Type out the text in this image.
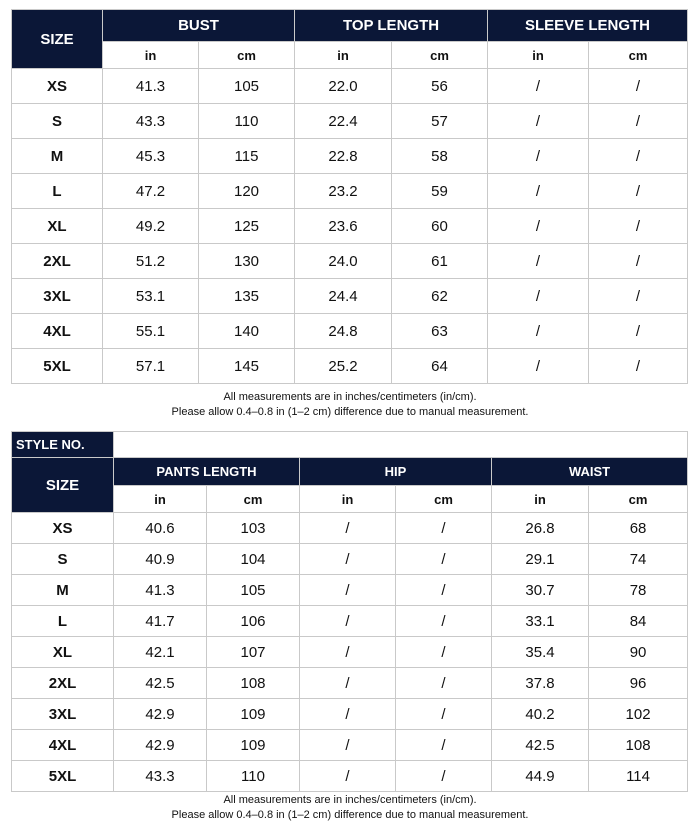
SIZE	BUST		TOP LENGTH		SLEEVE LENGTH	
	in	cm	in	cm	in	cm
XS	41.3	105	22.0	56	/	/
S	43.3	110	22.4	57	/	/
M	45.3	115	22.8	58	/	/
L	47.2	120	23.2	59	/	/
XL	49.2	125	23.6	60	/	/
2XL	51.2	130	24.0	61	/	/
3XL	53.1	135	24.4	62	/	/
4XL	55.1	140	24.8	63	/	/
5XL	57.1	145	25.2	64	/	/
All measurements are in inches/centimeters (in/cm).
Please allow 0.4–0.8 in (1–2 cm) difference due to manual measurement.
STYLE NO.						
SIZE	PANTS LENGTH		HIP		WAIST	
	in	cm	in	cm	in	cm
XS	40.6	103	/	/	26.8	68
S	40.9	104	/	/	29.1	74
M	41.3	105	/	/	30.7	78
L	41.7	106	/	/	33.1	84
XL	42.1	107	/	/	35.4	90
2XL	42.5	108	/	/	37.8	96
3XL	42.9	109	/	/	40.2	102
4XL	42.9	109	/	/	42.5	108
5XL	43.3	110	/	/	44.9	114
All measurements are in inches/centimeters (in/cm).
Please allow 0.4–0.8 in (1–2 cm) difference due to manual measurement.
